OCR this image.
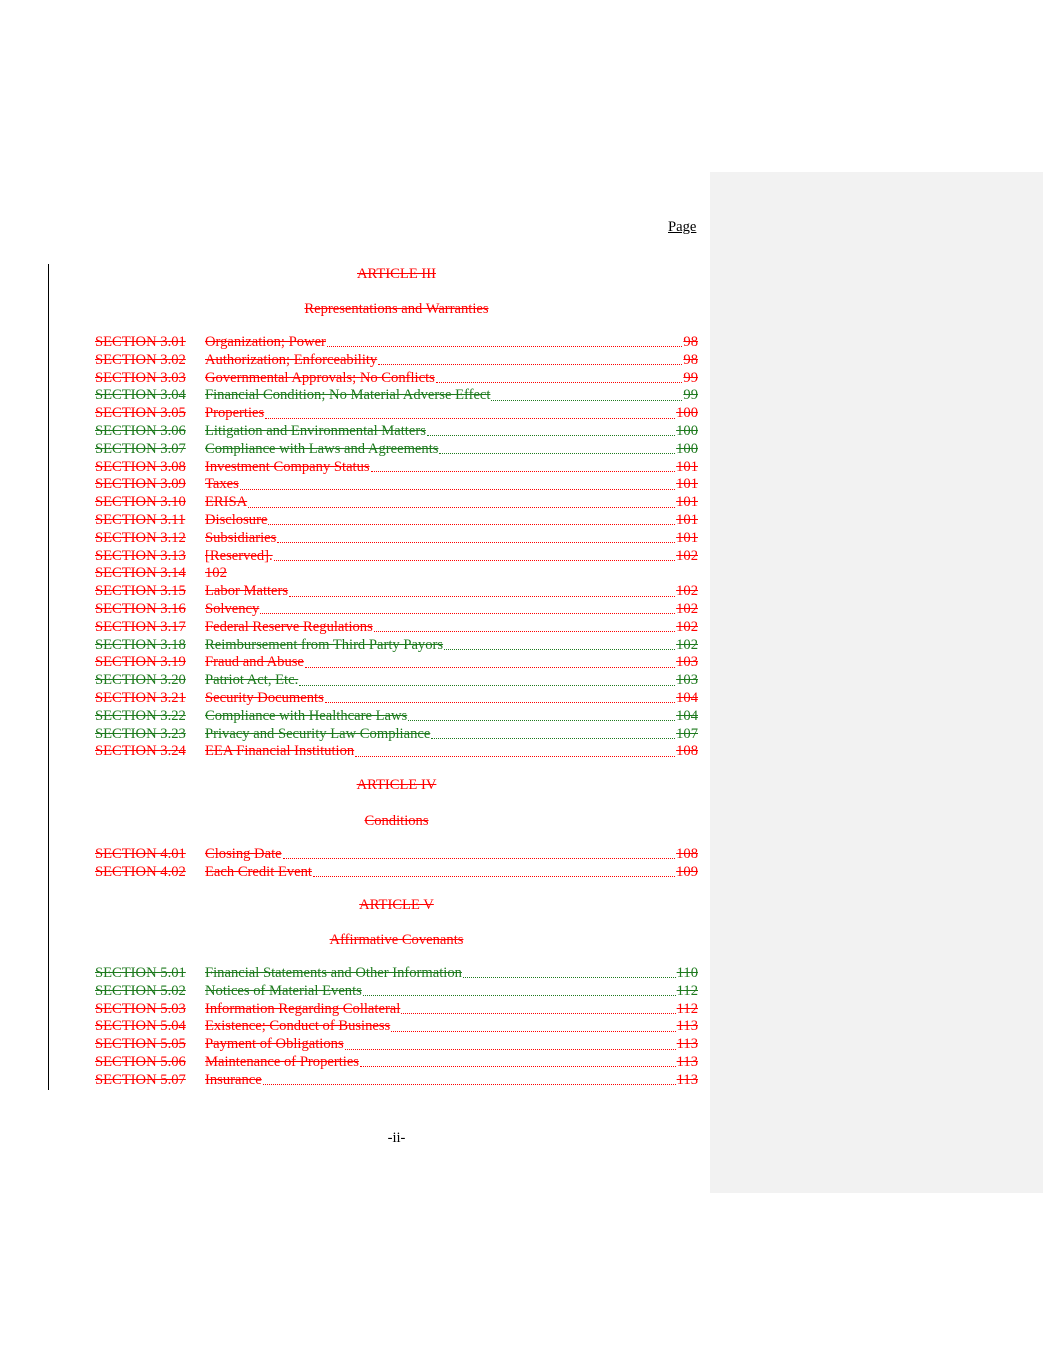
Page
ARTICLE III
Representations and Warranties
SECTION 3.01	Organization; Power	98
SECTION 3.02	Authorization; Enforceability	98
SECTION 3.03	Governmental Approvals; No Conflicts	99
SECTION 3.04	Financial Condition; No Material Adverse Effect	99
SECTION 3.05	Properties	100
SECTION 3.06	Litigation and Environmental Matters	100
SECTION 3.07	Compliance with Laws and Agreements	100
SECTION 3.08	Investment Company Status	101
SECTION 3.09	Taxes	101
SECTION 3.10	ERISA	101
SECTION 3.11	Disclosure	101
SECTION 3.12	Subsidiaries	101
SECTION 3.13	[Reserved].	102
SECTION 3.14	102
SECTION 3.15	Labor Matters	102
SECTION 3.16	Solvency	102
SECTION 3.17	Federal Reserve Regulations	102
SECTION 3.18	Reimbursement from Third Party Payors	102
SECTION 3.19	Fraud and Abuse	103
SECTION 3.20	Patriot Act, Etc.	103
SECTION 3.21	Security Documents	104
SECTION 3.22	Compliance with Healthcare Laws	104
SECTION 3.23	Privacy and Security Law Compliance	107
SECTION 3.24	EEA Financial Institution	108
ARTICLE IV
Conditions
SECTION 4.01	Closing Date	108
SECTION 4.02	Each Credit Event	109
ARTICLE V
Affirmative Covenants
SECTION 5.01	Financial Statements and Other Information	110
SECTION 5.02	Notices of Material Events	112
SECTION 5.03	Information Regarding Collateral	112
SECTION 5.04	Existence; Conduct of Business	113
SECTION 5.05	Payment of Obligations	113
SECTION 5.06	Maintenance of Properties	113
SECTION 5.07	Insurance	113
-ii-
